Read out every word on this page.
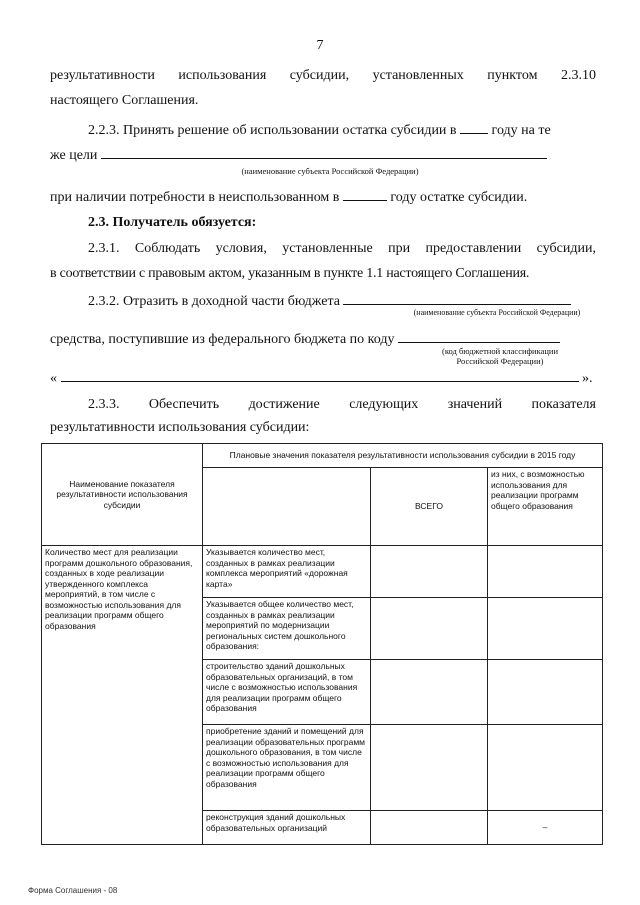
7
результативности использования субсидии, установленных пунктом 2.3.10
настоящего Соглашения.
2.2.3. Принять решение об использовании остатка субсидии в	году на те
же цели
(наименование субъекта Российской Федерации)
при наличии потребности в неиспользованном в	году остатке субсидии.
2.3. Получатель обязуется:
2.3.1. Соблюдать условия, установленные при предоставлении субсидии,
в соответствии с правовым актом, указанным в пункте 1.1 настоящего Соглашения.
2.3.2. Отразить в доходной части бюджета
(наименование субъекта Российской Федерации)
средства, поступившие из федерального бюджета по коду
(код бюджетной классификации
Российской Федерации)
«	».
2.3.3. Обеспечить достижение следующих значений показателя
результативности использования субсидии:
Наименование показателя результативности использования субсидии	Плановые значения показателя результативности использования субсидии в 2015 году		
		ВСЕГО	из них, с возможностью использования для реализации программ общего образования
Количество мест для реализации программ дошкольного образования, созданных в ходе реализации утвержденного комплекса мероприятий, в том числе с возможностью использования для реализации программ общего образования	Указывается количество мест, созданных в рамках реализации комплекса мероприятий «дорожная карта»		
	Указывается общее количество мест, созданных в рамках реализации мероприятий по модернизации региональных систем дошкольного образования:		
	строительство зданий дошкольных образовательных организаций, в том числе с возможностью использования для реализации программ общего образования		
	приобретение зданий и помещений для реализации образовательных программ дошкольного образования, в том числе с возможностью использования для реализации программ общего образования		
	реконструкция зданий дошкольных образовательных организаций		–
Форма Соглашения - 08
